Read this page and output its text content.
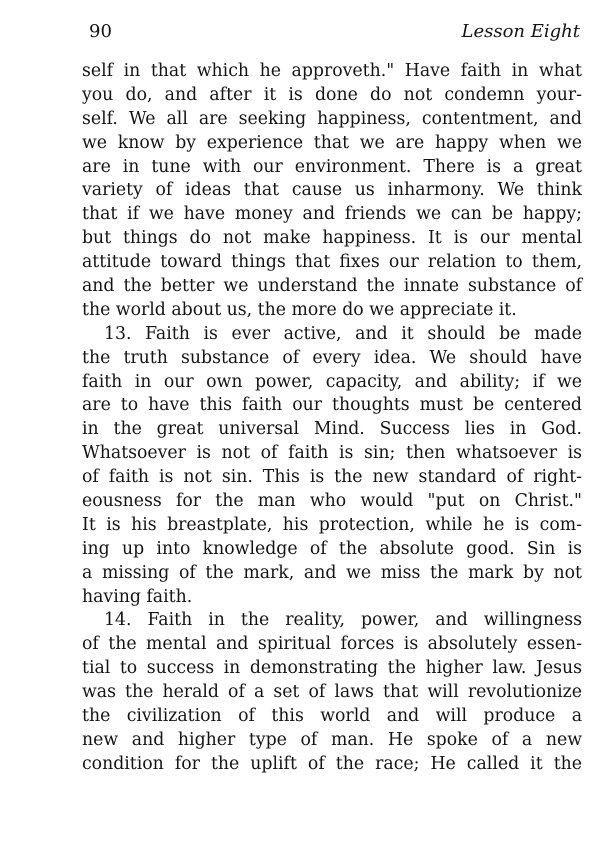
90	Lesson Eight
self in that which he approveth." Have faith in what
you do, and after it is done do not condemn your-
self. We all are seeking happiness, contentment, and
we know by experience that we are happy when we
are in tune with our environment. There is a great
variety of ideas that cause us inharmony. We think
that if we have money and friends we can be happy;
but things do not make happiness. It is our mental
attitude toward things that fixes our relation to them,
and the better we understand the innate substance of
the world about us, the more do we appreciate it.
13. Faith is ever active, and it should be made
the truth substance of every idea. We should have
faith in our own power, capacity, and ability; if we
are to have this faith our thoughts must be centered
in the great universal Mind. Success lies in God.
Whatsoever is not of faith is sin; then whatsoever is
of faith is not sin. This is the new standard of right-
eousness for the man who would "put on Christ."
It is his breastplate, his protection, while he is com-
ing up into knowledge of the absolute good. Sin is
a missing of the mark, and we miss the mark by not
having faith.
14. Faith in the reality, power, and willingness
of the mental and spiritual forces is absolutely essen-
tial to success in demonstrating the higher law. Jesus
was the herald of a set of laws that will revolutionize
the civilization of this world and will produce a
new and higher type of man. He spoke of a new
condition for the uplift of the race; He called it the
